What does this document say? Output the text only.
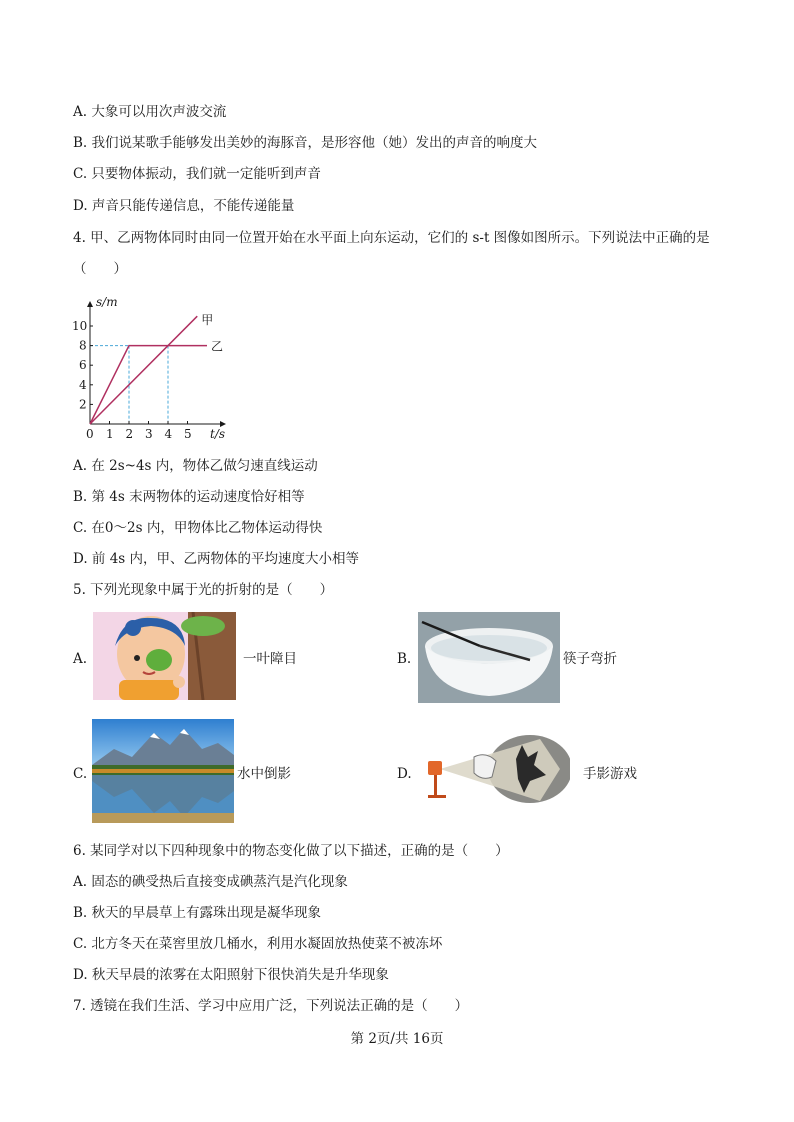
A. 大象可以用次声波交流
B. 我们说某歌手能够发出美妙的海豚音，是形容他（她）发出的声音的响度大
C. 只要物体振动，我们就一定能听到声音
D. 声音只能传递信息，不能传递能量
4. 甲、乙两物体同时由同一位置开始在水平面上向东运动，它们的 s-t 图像如图所示。下列说法中正确的是
（　　）
0 1 2 3 4 5
2
4
6
8
10	甲
乙
s/m
t/s
A. 在 2s~4s 内，物体乙做匀速直线运动
B. 第 4s 末两物体的运动速度恰好相等
C. 在0～2s 内，甲物体比乙物体运动得快
D. 前 4s 内，甲、乙两物体的平均速度大小相等
5. 下列光现象中属于光的折射的是（　　）
A.	一叶障目	B.	筷子弯折
C.	水中倒影	D.	手影游戏
6. 某同学对以下四种现象中的物态变化做了以下描述，正确的是（　　）
A. 固态的碘受热后直接变成碘蒸汽是汽化现象
B. 秋天的早晨草上有露珠出现是凝华现象
C. 北方冬天在菜窖里放几桶水，利用水凝固放热使菜不被冻坏
D. 秋天早晨的浓雾在太阳照射下很快消失是升华现象
7. 透镜在我们生活、学习中应用广泛，下列说法正确的是（　　）
第 2页/共 16页
